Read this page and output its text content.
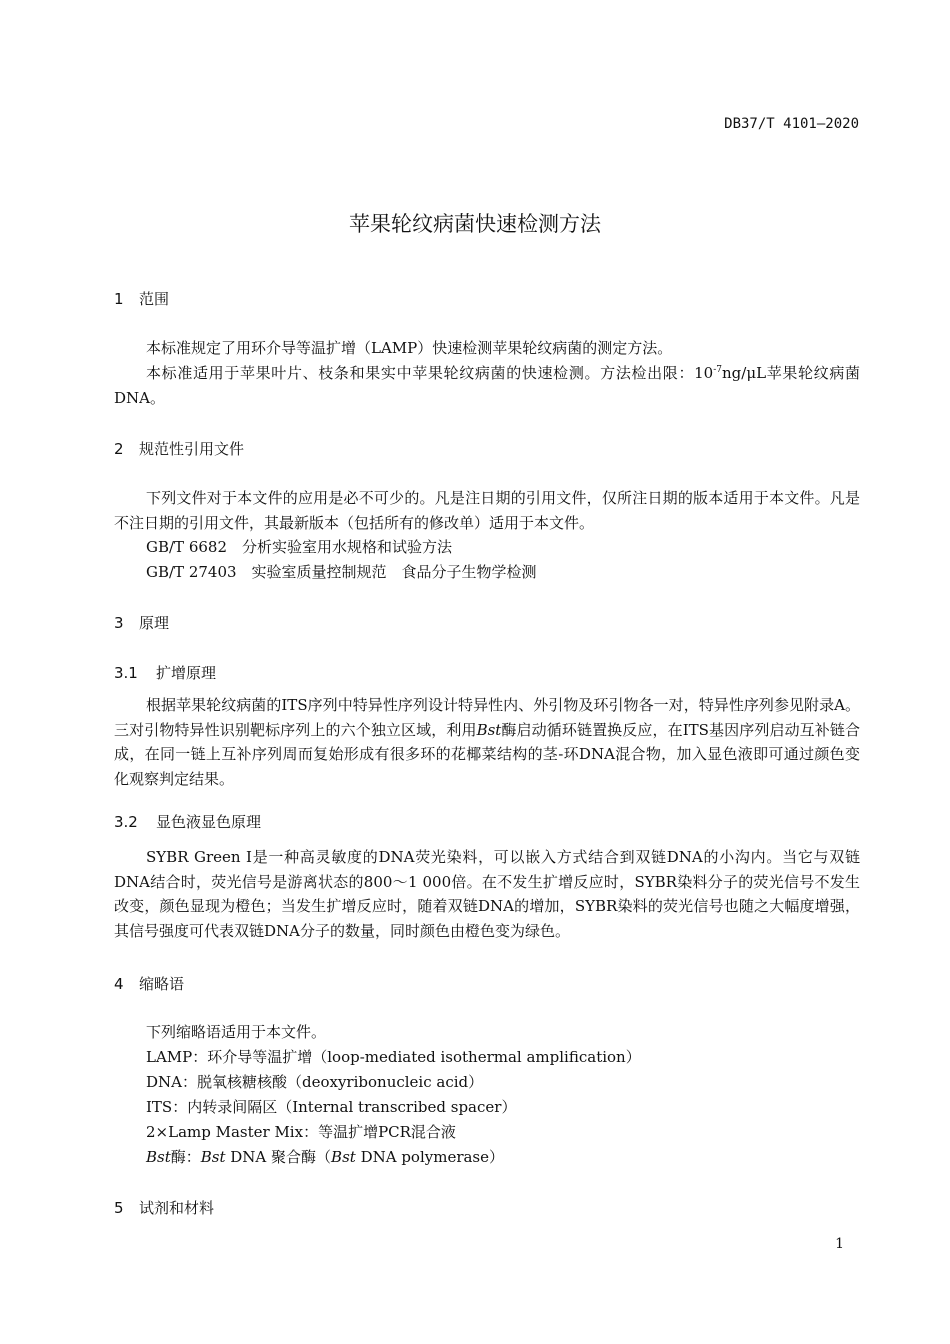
DB37/T 4101—2020
苹果轮纹病菌快速检测方法
1 范围
本标准规定了用环介导等温扩增（LAMP）快速检测苹果轮纹病菌的测定方法。
本标准适用于苹果叶片、枝条和果实中苹果轮纹病菌的快速检测。方法检出限：$10^{-7}ng/\mu L$苹果轮纹病菌DNA。
2 规范性引用文件
下列文件对于本文件的应用是必不可少的。凡是注日期的引用文件，仅所注日期的版本适用于本文件。凡是不注日期的引用文件，其最新版本（包括所有的修改单）适用于本文件。
GB/T 6682　分析实验室用水规格和试验方法
GB/T 27403　实验室质量控制规范　食品分子生物学检测
3 原理
3.1 扩增原理
根据苹果轮纹病菌的ITS序列中特异性序列设计特异性内、外引物及环引物各一对，特异性序列参见附录A。三对引物特异性识别靶标序列上的六个独立区域，利用Bst酶启动循环链置换反应，在ITS基因序列启动互补链合成，在同一链上互补序列周而复始形成有很多环的花椰菜结构的茎-环DNA混合物，加入显色液即可通过颜色变化观察判定结果。
3.2 显色液显色原理
SYBR Green I是一种高灵敏度的DNA荧光染料，可以嵌入方式结合到双链DNA的小沟内。当它与双链DNA结合时，荧光信号是游离状态的800～1 000倍。在不发生扩增反应时，SYBR染料分子的荧光信号不发生改变，颜色显现为橙色；当发生扩增反应时，随着双链DNA的增加，SYBR染料的荧光信号也随之大幅度增强，其信号强度可代表双链DNA分子的数量，同时颜色由橙色变为绿色。
4 缩略语
下列缩略语适用于本文件。
LAMP：环介导等温扩增（loop-mediated isothermal amplification）
DNA：脱氧核糖核酸（deoxyribonucleic acid）
ITS：内转录间隔区（Internal transcribed spacer）
2×Lamp Master Mix：等温扩增PCR混合液
Bst酶：Bst DNA 聚合酶（Bst DNA polymerase）
5 试剂和材料
1
